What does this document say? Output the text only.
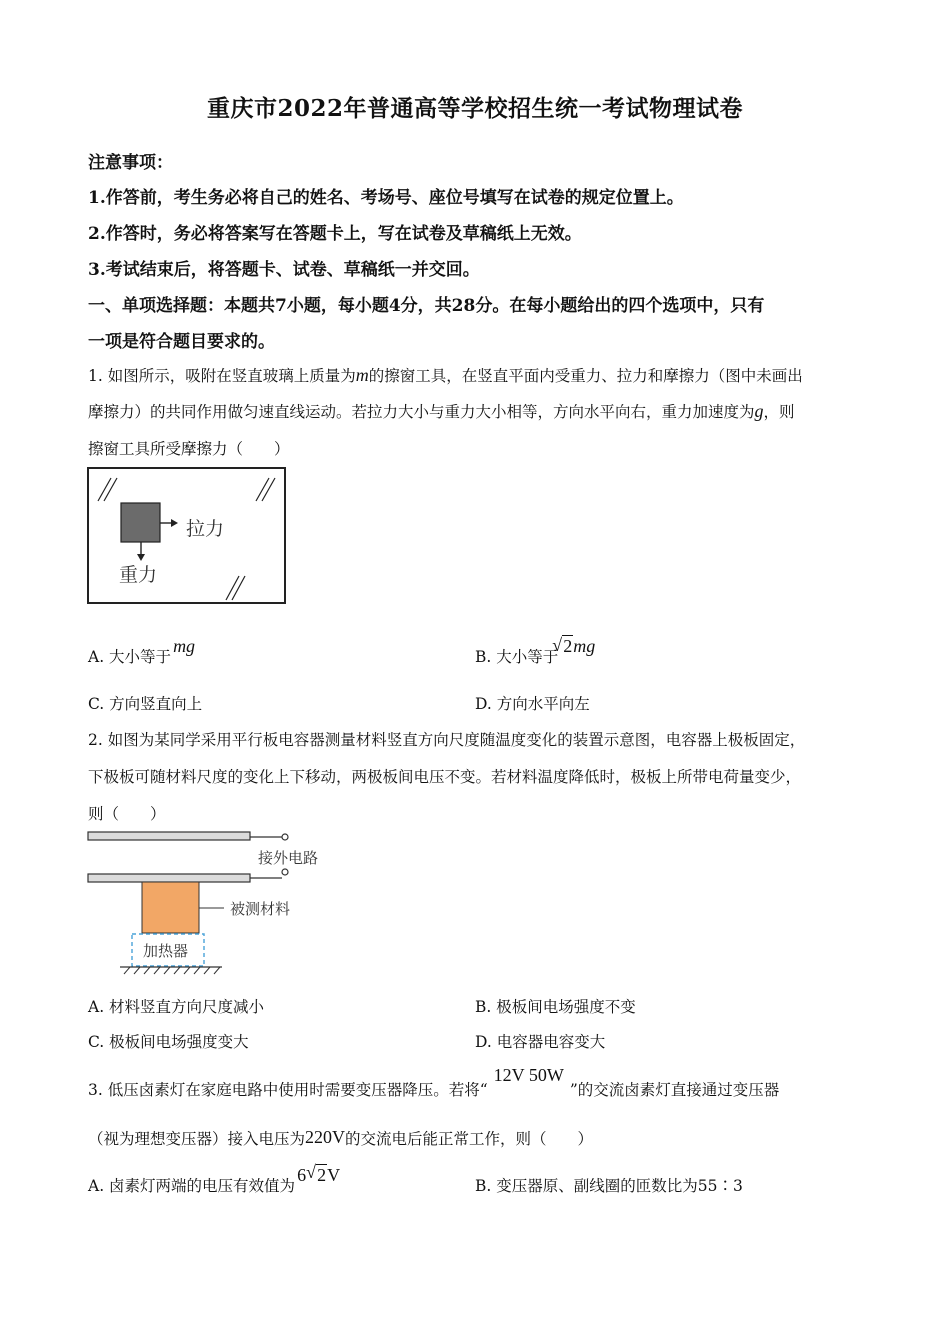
重庆市2022年普通高等学校招生统一考试物理试卷
注意事项：
1.作答前，考生务必将自己的姓名、考场号、座位号填写在试卷的规定位置上。
2.作答时，务必将答案写在答题卡上，写在试卷及草稿纸上无效。
3.考试结束后，将答题卡、试卷、草稿纸一并交回。
一、单项选择题：本题共7小题，每小题4分，共28分。在每小题给出的四个选项中，只有
一项是符合题目要求的。
1. 如图所示，吸附在竖直玻璃上质量为m的擦窗工具，在竖直平面内受重力、拉力和摩擦力（图中未画出
摩擦力）的共同作用做匀速直线运动。若拉力大小与重力大小相等，方向水平向右，重力加速度为g，则
擦窗工具所受摩擦力（　　）
拉力
重力
A. 大小等于mg
B. 大小等于
√ 2mg
C. 方向竖直向上	D. 方向水平向左
2. 如图为某同学采用平行板电容器测量材料竖直方向尺度随温度变化的装置示意图，电容器上极板固定，
下极板可随材料尺度的变化上下移动，两极板间电压不变。若材料温度降低时，极板上所带电荷量变少，
则（　　）
接外电路
被测材料
加热器
A. 材料竖直方向尺度减小	B. 极板间电场强度不变
C. 极板间电场强度变大	D. 电容器电容变大
3. 低压卤素灯在家庭电路中使用时需要变压器降压。若将“12V 50W”的交流卤素灯直接通过变压器
（视为理想变压器）接入电压为220V的交流电后能正常工作，则（　　）
A. 卤素灯两端的电压有效值为6 √ 2V
B. 变压器原、副线圈的匝数比为55∶3
